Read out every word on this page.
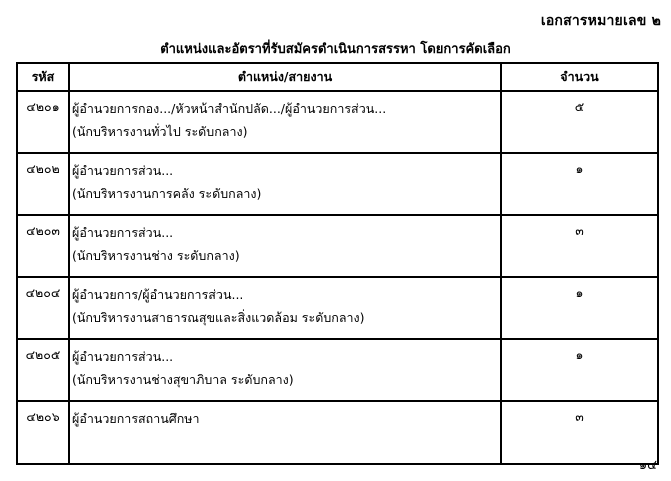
เอกสารหมายเลข ๒
ตำแหน่งและอัตราที่รับสมัครดำเนินการสรรหา โดยการคัดเลือก
รหัส	ตำแหน่ง/สายงาน	จำนวน
๔๒๐๑	ผู้อำนวยการกอง.../หัวหน้าสำนักปลัด.../ผู้อำนวยการส่วน...
(นักบริหารงานทั่วไป ระดับกลาง)	๕
๔๒๐๒	ผู้อำนวยการส่วน...
(นักบริหารงานการคลัง ระดับกลาง)	๑
๔๒๐๓	ผู้อำนวยการส่วน...
(นักบริหารงานช่าง ระดับกลาง)	๓
๔๒๐๔	ผู้อำนวยการ/ผู้อำนวยการส่วน...
(นักบริหารงานสาธารณสุขและสิ่งแวดล้อม ระดับกลาง)	๑
๔๒๐๕	ผู้อำนวยการส่วน...
(นักบริหารงานช่างสุขาภิบาล ระดับกลาง)	๑
๔๒๐๖	ผู้อำนวยการสถานศึกษา	๓
๑๔
